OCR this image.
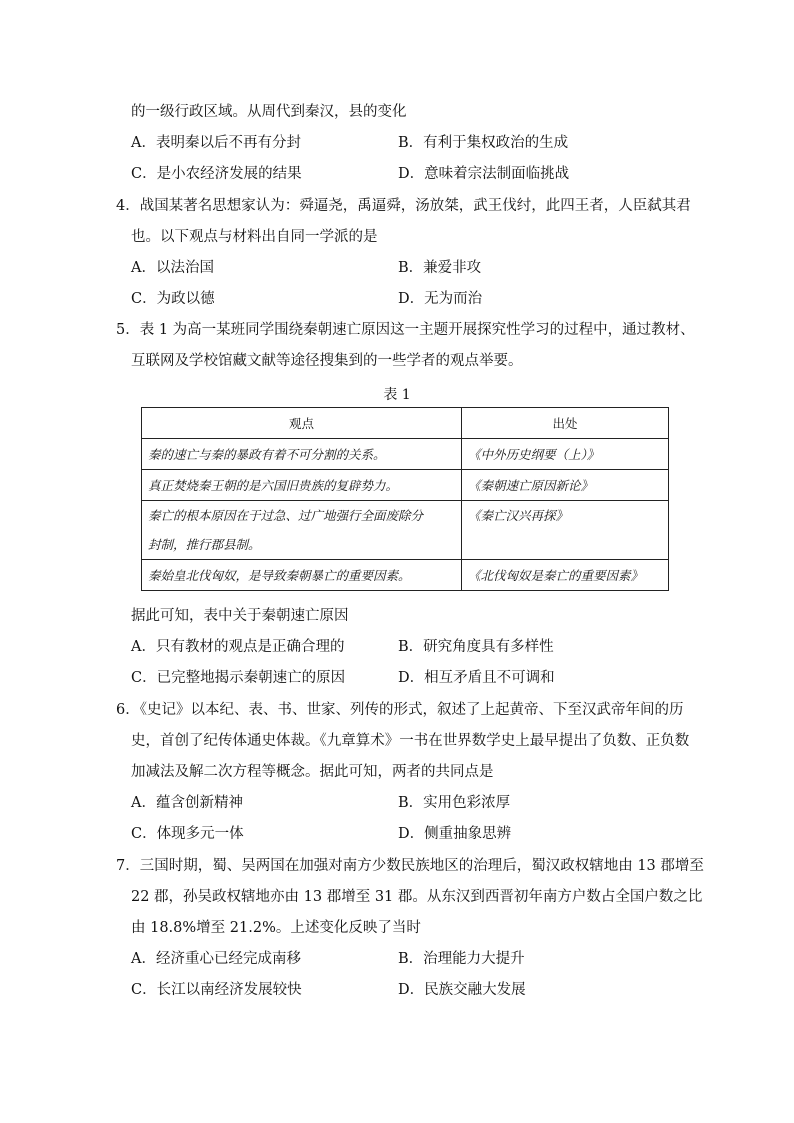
的一级行政区域。从周代到秦汉，县的变化
A．表明秦以后不再有分封	B．有利于集权政治的生成
C．是小农经济发展的结果	D．意味着宗法制面临挑战
4．战国某著名思想家认为：舜逼尧，禹逼舜，汤放桀，武王伐纣，此四王者，人臣弑其君
也。以下观点与材料出自同一学派的是
A．以法治国	B．兼爱非攻
C．为政以德	D．无为而治
5．表 1 为高一某班同学围绕秦朝速亡原因这一主题开展探究性学习的过程中，通过教材、
互联网及学校馆藏文献等途径搜集到的一些学者的观点举要。
表 1
观点	出处
秦的速亡与秦的暴政有着不可分割的关系。	《中外历史纲要（上）》
真正焚烧秦王朝的是六国旧贵族的复辟势力。	《秦朝速亡原因新论》
秦亡的根本原因在于过急、过广地强行全面废除分
封制，推行郡县制。	《秦亡汉兴再探》
秦始皇北伐匈奴，是导致秦朝暴亡的重要因素。	《北伐匈奴是秦亡的重要因素》
据此可知，表中关于秦朝速亡原因
A．只有教材的观点是正确合理的	B．研究角度具有多样性
C．已完整地揭示秦朝速亡的原因	D．相互矛盾且不可调和
6．《史记》以本纪、表、书、世家、列传的形式，叙述了上起黄帝、下至汉武帝年间的历
史，首创了纪传体通史体裁。《九章算术》一书在世界数学史上最早提出了负数、正负数
加减法及解二次方程等概念。据此可知，两者的共同点是
A．蕴含创新精神	B．实用色彩浓厚
C．体现多元一体	D．侧重抽象思辨
7．三国时期，蜀、吴两国在加强对南方少数民族地区的治理后，蜀汉政权辖地由 13 郡增至
22 郡，孙吴政权辖地亦由 13 郡增至 31 郡。从东汉到西晋初年南方户数占全国户数之比
由 18.8%增至 21.2%。上述变化反映了当时
A．经济重心已经完成南移	B．治理能力大提升
C．长江以南经济发展较快	D．民族交融大发展
